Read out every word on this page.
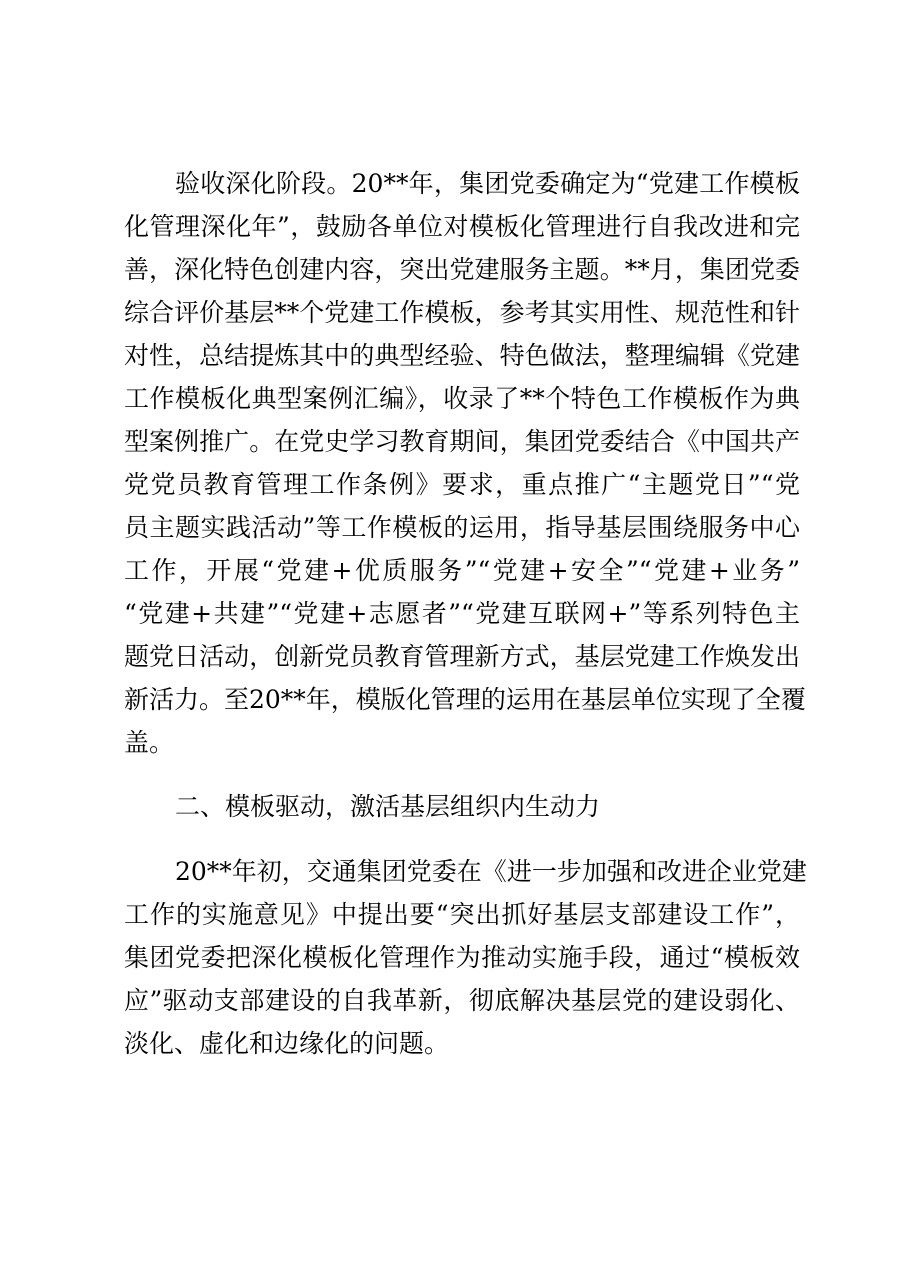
验收深化阶段。20**年，集团党委确定为“党建工作模板
化管理深化年”，鼓励各单位对模板化管理进行自我改进和完
善，深化特色创建内容，突出党建服务主题。**月，集团党委
综合评价基层**个党建工作模板，参考其实用性、规范性和针
对性，总结提炼其中的典型经验、特色做法，整理编辑《党建
工作模板化典型案例汇编》，收录了**个特色工作模板作为典
型案例推广。在党史学习教育期间，集团党委结合《中国共产
党党员教育管理工作条例》要求，重点推广“主题党日”“党
员主题实践活动”等工作模板的运用，指导基层围绕服务中心
工作，开展“党建+优质服务”“党建+安全”“党建+业务”
“党建+共建”“党建+志愿者”“党建互联网+”等系列特色主
题党日活动，创新党员教育管理新方式，基层党建工作焕发出
新活力。至20**年，模版化管理的运用在基层单位实现了全覆
盖。
二、模板驱动，激活基层组织内生动力
20**年初，交通集团党委在《进一步加强和改进企业党建
工作的实施意见》中提出要“突出抓好基层支部建设工作”，
集团党委把深化模板化管理作为推动实施手段，通过“模板效
应”驱动支部建设的自我革新，彻底解决基层党的建设弱化、
淡化、虚化和边缘化的问题。
